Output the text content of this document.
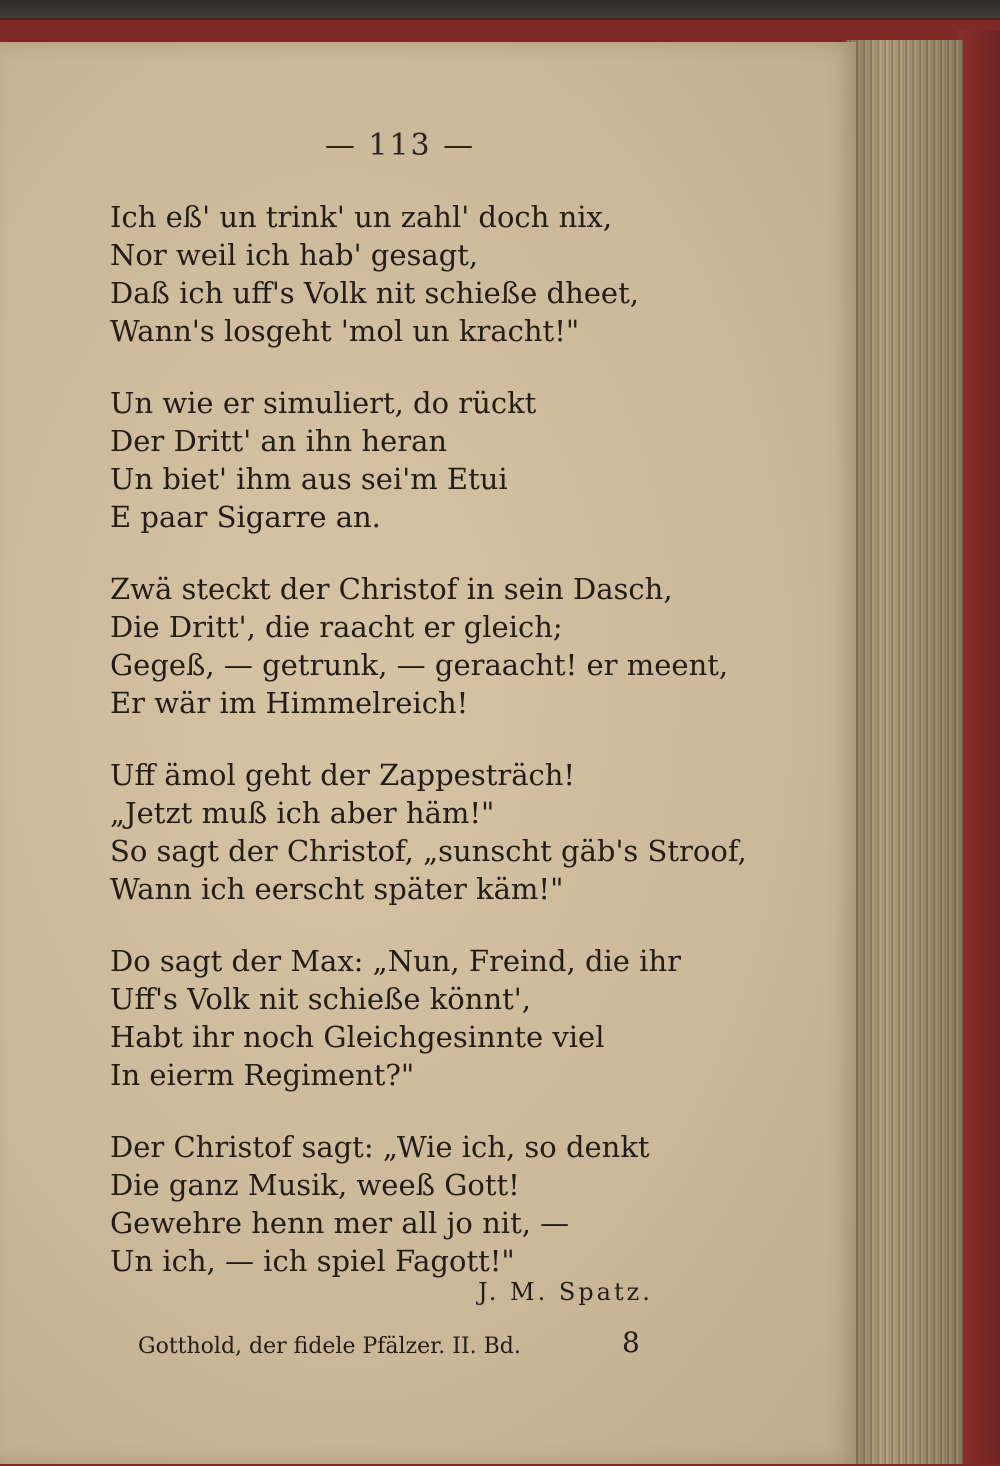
— 113 —
Ich eß' un trink' un zahl' doch nix,
Nor weil ich hab' gesagt,
Daß ich uff's Volk nit schieße dheet,
Wann's losgeht 'mol un kracht!"
Un wie er simuliert, do rückt
Der Dritt' an ihn heran
Un biet' ihm aus sei'm Etui
E paar Sigarre an.
Zwä steckt der Christof in sein Dasch,
Die Dritt', die raacht er gleich;
Gegeß, — getrunk, — geraacht! er meent,
Er wär im Himmelreich!
Uff ämol geht der Zappesträch!
„Jetzt muß ich aber häm!"
So sagt der Christof, „sunscht gäb's Stroof,
Wann ich eerscht später käm!"
Do sagt der Max: „Nun, Freind, die ihr
Uff's Volk nit schieße könnt',
Habt ihr noch Gleichgesinnte viel
In eierm Regiment?"
Der Christof sagt: „Wie ich, so denkt
Die ganz Musik, weeß Gott!
Gewehre henn mer all jo nit, —
Un ich, — ich spiel Fagott!"
J. M. Spatz.
Gotthold, der fidele Pfälzer. II. Bd.	8
